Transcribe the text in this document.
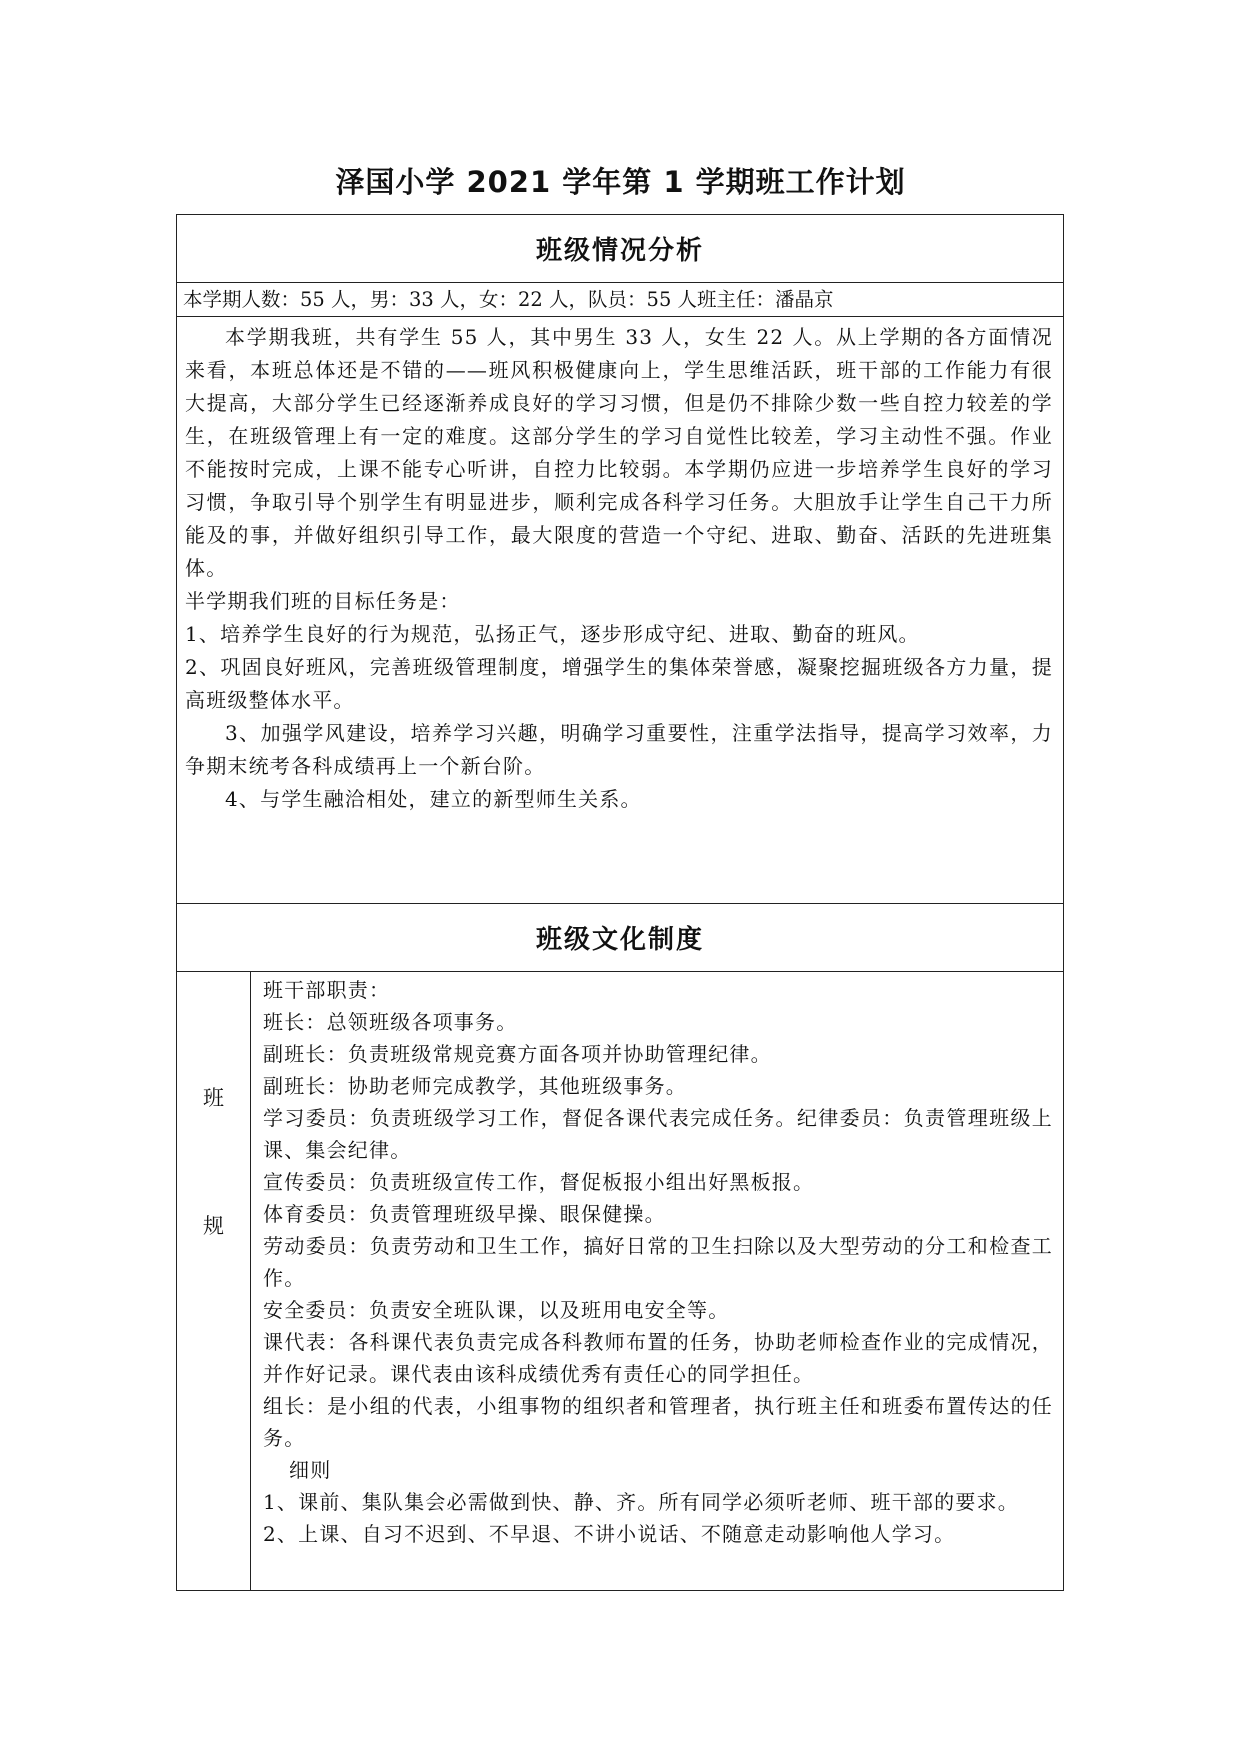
泽国小学 2021 学年第 1 学期班工作计划
班级情况分析
本学期人数：55 人，男：33 人，女：22 人，队员：55 人班主任：潘晶京

本学期我班，共有学生 55 人，其中男生 33 人，女生 22 人。从上学期的各方面情况来看，本班总体还是不错的——班风积极健康向上，学生思维活跃，班干部的工作能力有很大提高，大部分学生已经逐渐养成良好的学习习惯，但是仍不排除少数一些自控力较差的学生，在班级管理上有一定的难度。这部分学生的学习自觉性比较差，学习主动性不强。作业不能按时完成，上课不能专心听讲，自控力比较弱。本学期仍应进一步培养学生良好的学习习惯，争取引导个别学生有明显进步，顺利完成各科学习任务。大胆放手让学生自己干力所能及的事，并做好组织引导工作，最大限度的营造一个守纪、进取、勤奋、活跃的先进班集体。

半学期我们班的目标任务是：

1、培养学生良好的行为规范，弘扬正气，逐步形成守纪、进取、勤奋的班风。

2、巩固良好班风，完善班级管理制度，增强学生的集体荣誉感，凝聚挖掘班级各方力量，提高班级整体水平。

3、加强学风建设，培养学习兴趣，明确学习重要性，注重学法指导，提高学习效率，力争期末统考各科成绩再上一个新台阶。

4、与学生融洽相处，建立的新型师生关系。

班级文化制度
班
规

班干部职责：

班长：总领班级各项事务。

副班长：负责班级常规竞赛方面各项并协助管理纪律。

副班长：协助老师完成教学，其他班级事务。

学习委员：负责班级学习工作，督促各课代表完成任务。纪律委员：负责管理班级上课、集会纪律。

宣传委员：负责班级宣传工作，督促板报小组出好黑板报。

体育委员：负责管理班级早操、眼保健操。

劳动委员：负责劳动和卫生工作，搞好日常的卫生扫除以及大型劳动的分工和检查工作。

安全委员：负责安全班队课，以及班用电安全等。

课代表：各科课代表负责完成各科教师布置的任务，协助老师检查作业的完成情况，并作好记录。课代表由该科成绩优秀有责任心的同学担任。

组长：是小组的代表，小组事物的组织者和管理者，执行班主任和班委布置传达的任务。

细则

1、课前、集队集会必需做到快、静、齐。所有同学必须听老师、班干部的要求。

2、上课、自习不迟到、不早退、不讲小说话、不随意走动影响他人学习。
